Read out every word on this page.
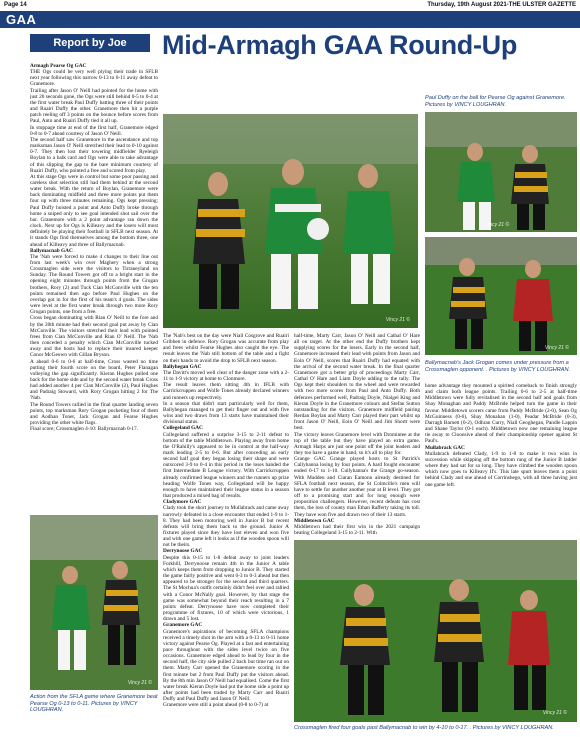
Page 14	Thursday, 19th August 2021-THE ULSTER GAZETTE
GAA
Report by Joe McManus
Mid-Armagh GAA Round-Up

Armagh Pearse Og GAC

THE Ogs could be very well plying their trade in SFLB next year following this narrow 0-13 to 0-11 away defeat to Granemore.

Trailing after Jason O' Neill had pointed for the home with just 20 seconds gone, the Ogs were still behind 0-5 to 0-4 at the first water break Paul Duffy batting three of their points and Ruairi Duffy the other. Granemore then hit a purple patch reeling off 3 points on the bounce before scores from Paul, Anto and Ruairi Duffy tied it all up.

In stoppage time at end of the first half, Granemore edged 0-8 to 0-7 ahead courtesy of Jason O' Neill.

The second half saw Granemore in the ascendance and top marksman Jason O' Neill stretched their lead to 0-10 against 0-7. They then lost their towering midfielder Ryeleigh Boylan to a balk card and Ogs were able to take advantage of this slipping the gap to the bare minimum courtesy of Ruairi Duffy, who pointed a free and scored from play.

At this stage Ogs were in control but some poor passing and careless shot selection still had them behind at the second water break. With the return of Boylan, Granemore were back dominating midfield and three more points put them four up with three minutes remaining. Ogs kept pressing; Paul Duffy hoisted a point and Anto Duffy broke through home a sniped only to see goal intended shot sail over the bar. Granemore with a 2 point advantage ran down the clock. Next up for Ogs is Killeavy and the losers will most definitely be playing their football in SFLB next season. At it stands Ogs find themselves among the bottom three, one ahead of Killeavy and three of Ballymacnab.

Ballymacnab GAC

The 'Nab were forced to make 4 changes to their line out from last week's win over Maghery when a strong Crossmaglen side were the visitors to Tirraneyland on Sunday. The Round Towers got off to a bright start in the opening eight minutes through points from the Grogan brothers, Rory (2) and Tuck Cian McConville with the ten points remained then ago before Paul Hughes on the overlap got in for the first of his team's 4 goals. The sides were level at the first water break through two more Rory Grogan points, one from a free.

Cross began dominating with Rian O' Neill to the fore and by the 20th minute had their second goal put away by Cian McConville. The visitors stretched their lead with pointed frees from Cian McConville and Rian O' Neill. The 'Nab then conceded a penalty which Cian McConville tucked away and the hosts had to replace their insured keeper Conor McGeown with Gillan Bryson.

A ahead 0-6 to 0-6 at half-time, Cross wasted no time putting their fourth score on the board, Peter Flanagan volleying the gap significantly. Kieran Hughes pulled one back for the home side and by the second water break Cross had added another 4 per Cian McConville (2), Paul Hughes and Padraig Stoward, with Rory Grogan hitting 2 for The 'Nab.

The Round Towers rallied in the final quarter landing seven points, top marksman Rory Grogan pocketing four of them and Aodhan Toner, Jack Grogan and Fearse Hughes providing the other white flags.

Final score; Crossmaglen 4-10: Ballymacnab 0-17.

Vincy 21 ©

The 'Nab's best on the day were Niall Cosgrove and Ruairi Gribben in defence. Rory Grogan was accurate from play and frees whilst Fearse Hughes also caught the eye. The result leaves the 'Nab still bottom of the table and a fight on their hands to avoid the drop to SFLB next season.

Ballyhegan GAC

The Davitt's moved well clear of the danger zone with a 2-11 to 1-9 victory at home to Clonmore.

The result leaves them sitting 4th in IFLB with Carrickcruppen and Wolfe Tones already declared winners and runners up respectively.

In a season that didn't start particularly well for them, Ballyhegan managed to get their finger out and with five wins and two draws from 13 starts have maintained their divisional status.

Collegeland GAC

Collegeland suffered a surprise 3-15 to 2-11 defeat to bottom of the table Middletown. Playing away from home the O'Rahilly's appeared to be in control at the half-way mark leading 2-5 to 0-6. But after conceding an early second half goal they began losing their shape and were outscored 3-9 to 0-4 in this period in the loses handed the first Intermediate B League victory. With Carrickcruppen already confirmed league winners and the runners up prize heading Wolfe Tones way, Collegeland will be happy enough to have maintained their league status in a season that produced a mixed bag of results.

Cladymore GAC

Clady took the short journey to Mullabrack and came away narrowly defeated in a close encounter that ended 1-9 to 1-8. They had been motoring well in Junior B but recent defeats will bring them back to the ground. Junior A fixtures played since they have lost eleven and won five and with one game left it looks as if the wooden spoon will not be theirs.

Derrynoose GAC

Despite this 0-15 to 1-8 defeat away to joint leaders Forkhill, Derrynoose remain 4th in the Junior A table which keeps them from dropping to Junior B. They started the game fairly positive and went 0-3 to 0-3 ahead but then appeared to be stronger for the second and third quarters. The St Mochua's outfit certainly didn't feel over and rallied with a Conor McNally goal. However, by that stage the game was somewhat beyond their reach resulting in a 7 points defeat. Derrynoose have now completed their programme of fixtures, 10 of which were victorious, 1 drawn and 5 lost.

Granemore GAC

Granemore's aspirations of becoming SFLA champions received a timely shot in the arm with a 0-13 to 0-11 home victory against Pearse Og. Played at a fast and entertaining pace throughout with the sides level twice on five occasions. Granemore edged ahead to lead by four in the second half, the city side pulled 2 back but time ran out on them. Marty Carr opened the Granemore scoring in the first minute but 2 from Paul Duffy put the visitors ahead. By the 8th min Jason O' Neill had equalised. Come the first water break Kieran Doyle had put the home side a point up after points had been traded by Marty Carr and Ruairi Duffy and Paul Duffy and Jason O' Neill.

Granemore were still a point ahead (0-8 to 0-7) at

half-time, Marty Carr, Jason O' Neill and Cathal O' Hare all on target. At the other end the Duffy brothers kept supplying scores for the losers. Early in the second half, Granemore increased their lead with points from Jason and Eoin O' Neill, scores that Ruairi Duffy had equated with the arrival of the second water break. In the final quarter Granemore got a better grip of proceedings Marty Carr, Cathal O' Hare and Liam Doyle adding to the tally. The Ogs kept their shoulders to the wheel and were rewarded with two more scores from Paul and Anto Duffy. Both defences performed well, Padraig Doyle, Nialgel King and Kieran Doyle in the Granemore colours and Stefan Sutton outstanding for the visitors. Granemore midfield pairing Rerdan Boylan and Marty Carr played their part whilst up front Jason O' Neill, Eoin O' Neill and Jim Shortt were best.

The victory leaves Granemore level with Dromintee at the top of the table but they have played an extra game. Armagh Harps are just one point off the joint leaders and they too have a game in hand, so it's all to play for.

Grange GAC Grange played hosts to St Patrick's Cullyhanna losing by four points. A hard fought encounter ended 0-17 to 1-10. Cullyhanna's the Grange go-season. With Madden and Ciaran Eamonn already destined for SFLA football next season, the St Colmcille's men will have to settle for another another year at B level. They got off to a promising start and for long enough were proposition challengers. However, recent defeats has cost them, the loss of county man Ethan Rafferty taking its toll. They have won five and drawn two of their 13 starts.

Middletown GAC

Middletown had their first win in the 2021 campaign beating Collegeland 3-15 to 2-11. With

Paul Duffy on the ball for Pearse Og against Granemore. Pictures by VINCY LOUGHRAN.
Vincy 21 ©
Vincy 21 ©
Ballymacnab's Jack Grogan comes under pressure from a Crossmaglen opponent. . Pictures by VINCY LOUGHRAN.

home advantage they mounted a spirited comeback to finish strongly and claim both league points. Trailing 0-6 to 2-5 at half-time Middletown were fully revitalised in the second half and goals from Shay Monaghan and Paddy McBride helped turn the game in their favour. Middletown scorers came from Paddy McBride (2-0), Sean Og McGuinness (0-6), Shay Monahan (1-0), Peadar McBride (0-3), Darragh Barnett (0-2), Odhran Curry, Niall Geoghegan, Pandle Lappin and Shane Taylor (0-1 each). Middletown now one remaining league tie away to Cloonsive ahead of their championship opener against St Paul's.

Mullabrack GAC

Mullabrack defeated Clady, 1-9 to 1-8 to make it two wins in succession while skipping off the bottom rung of the Junior B ladder where they had sat for so long. They have climbed the wooden spoon which now goes to Killeavy II's. This late spurt leaves them a point behind Clady and one ahead of Corrinshego, with all three having just one game left.

Vincy 21 ©
Action from the SFLA game where Granemore beat Pearse Og 0-13 to 0-11. Pictures by VINCY LOUGHRAN.	Vincy 21 ©
Crossmaglen fired four goals past Ballymacnab to win by 4-10 to 0-17. . Pictures by VINCY LOUGHRAN.
